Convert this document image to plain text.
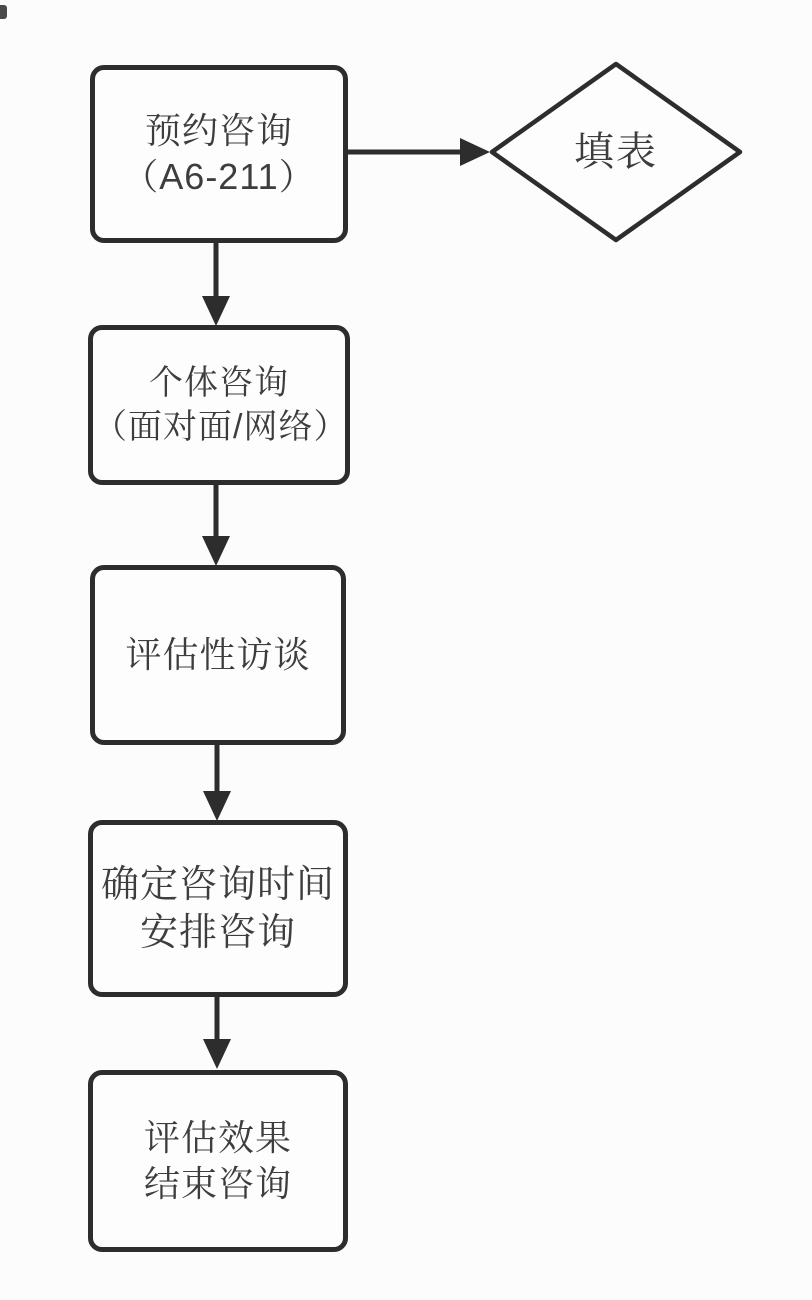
预约咨询
（A6-211）
个体咨询
（面对面/网络）
评估性访谈
确定咨询时间
安排咨询
评估效果
结束咨询
填表
